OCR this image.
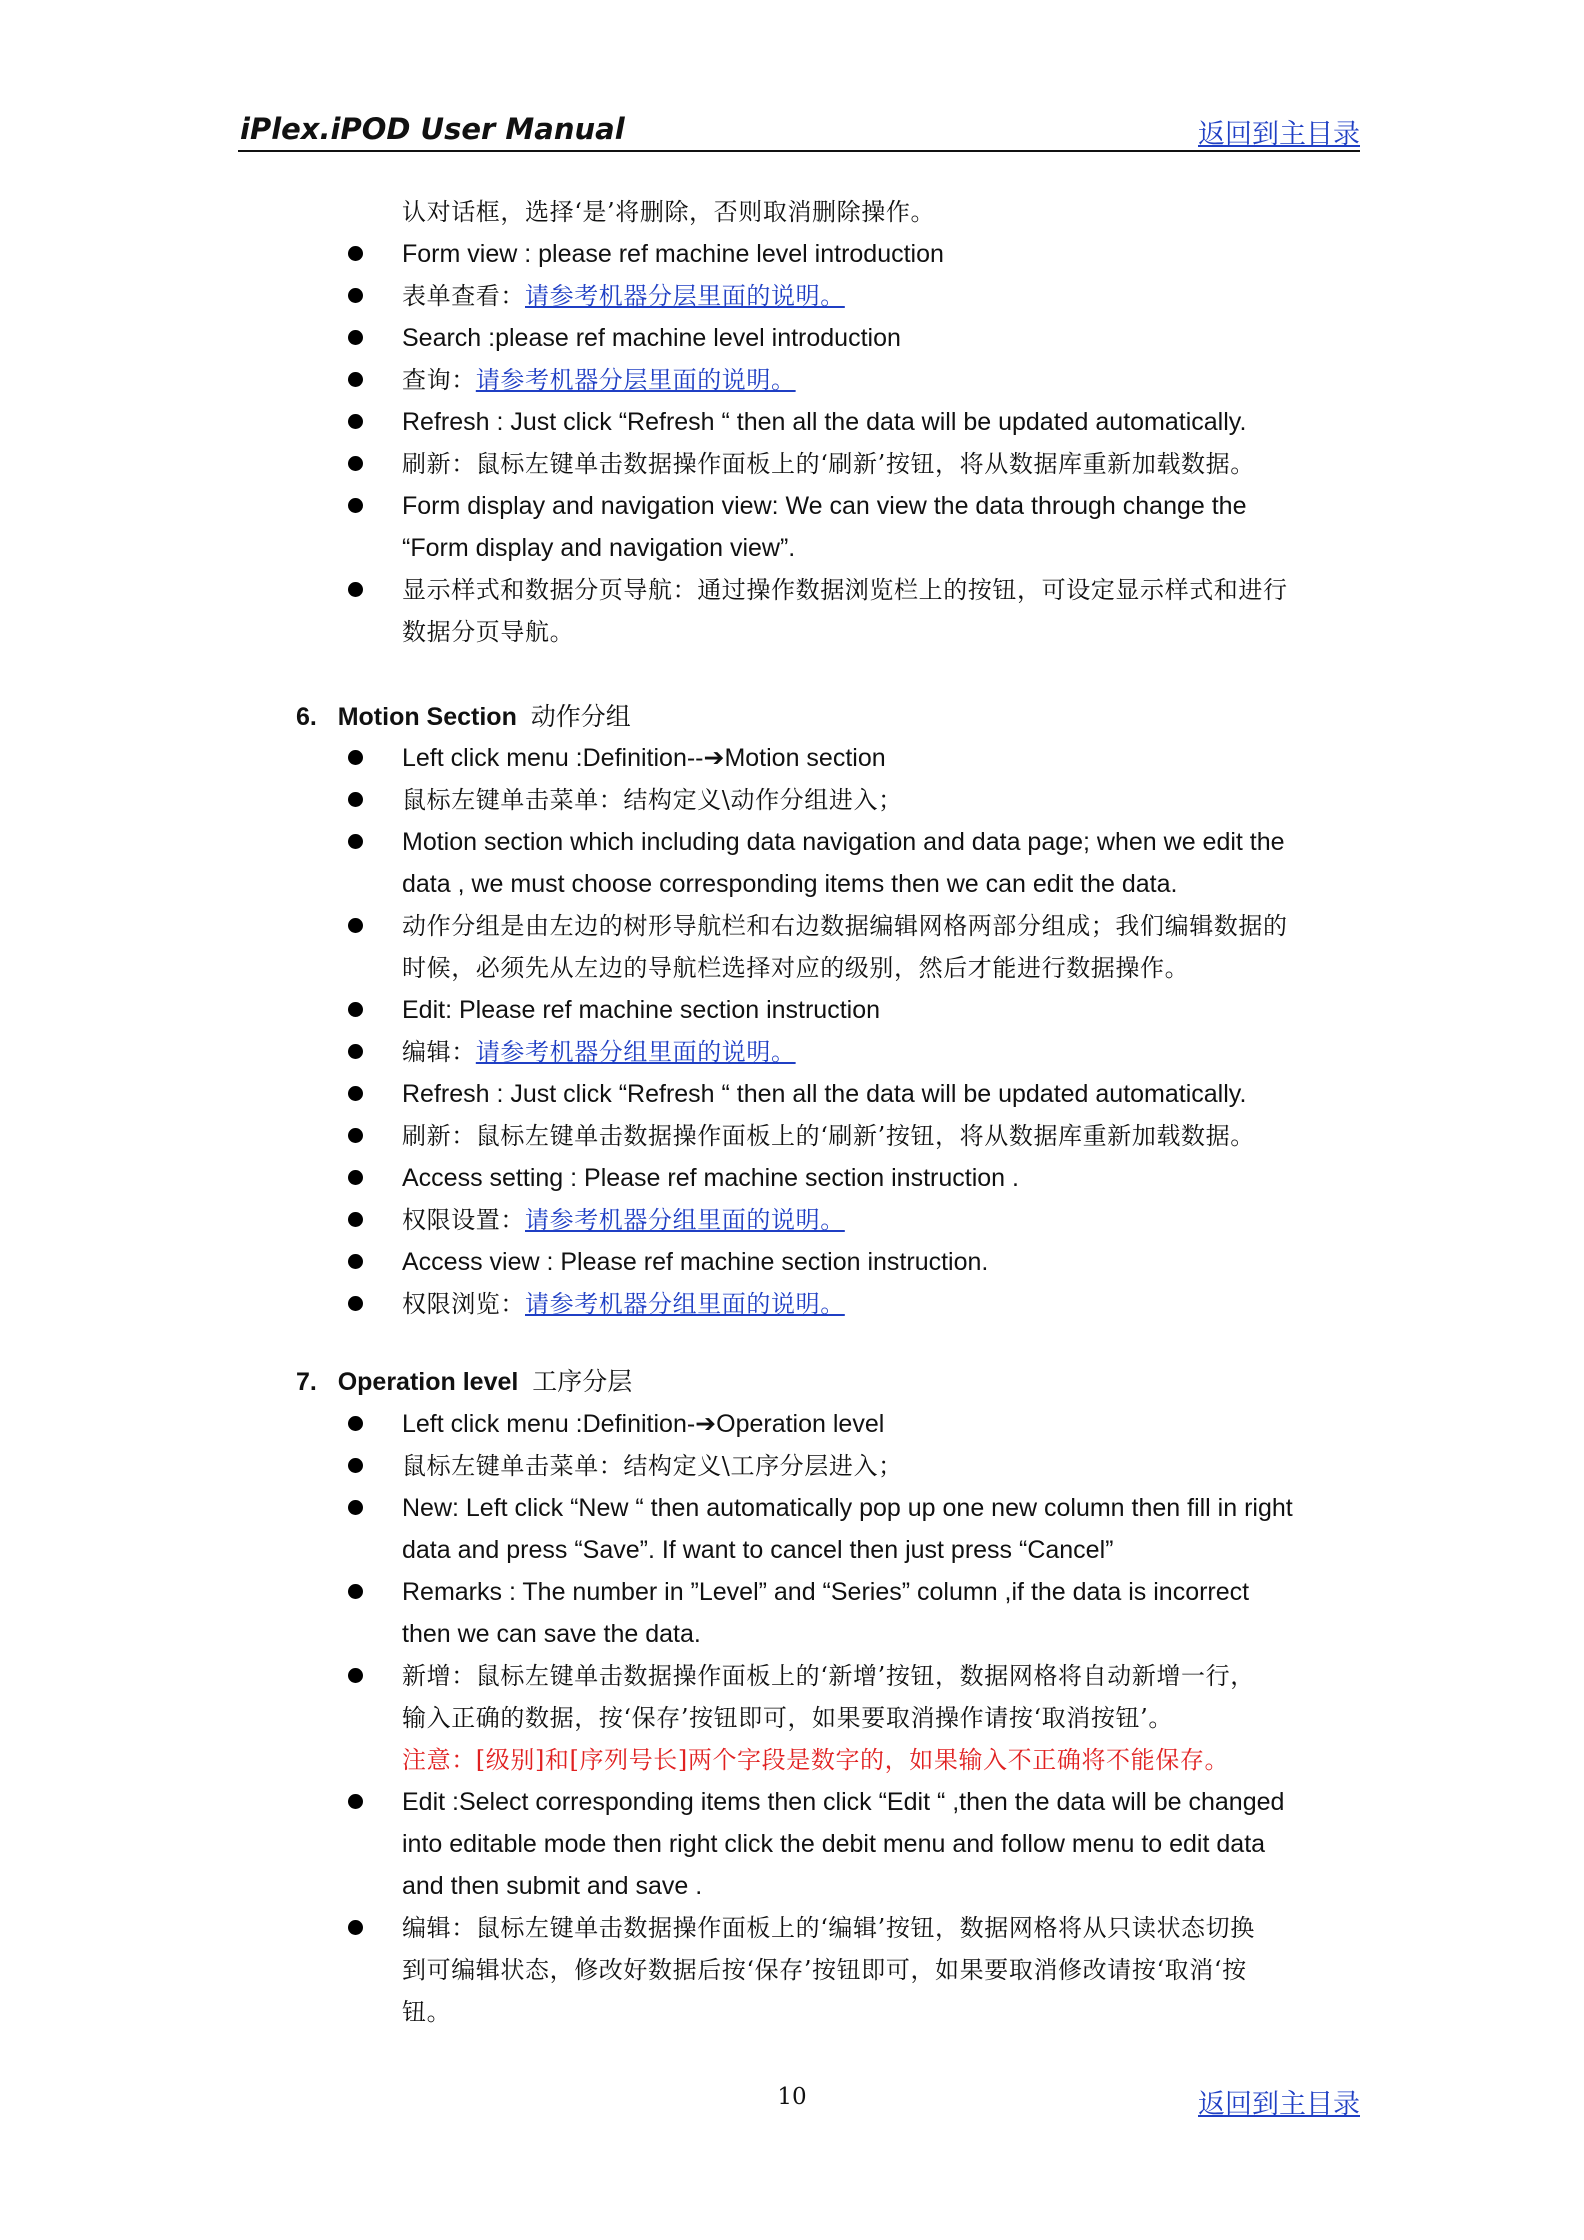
iPlex.iPOD User Manual	返回到主目录
认对话框，选择‘是’将删除，否则取消删除操作。
Form view : please ref machine level introduction
表单查看：请参考机器分层里面的说明。
Search :please ref machine level introduction
查询：请参考机器分层里面的说明。
Refresh : Just click “Refresh “ then all the data will be updated automatically.
刷新：鼠标左键单击数据操作面板上的‘刷新’按钮，将从数据库重新加载数据。
Form display and navigation view: We can view the data through change the
“Form display and navigation view”.
显示样式和数据分页导航：通过操作数据浏览栏上的按钮，可设定显示样式和进行
数据分页导航。
6. Motion Section 动作分组
Left click menu :Definition--➔Motion section
鼠标左键单击菜单：结构定义\动作分组进入；
Motion section which including data navigation and data page; when we edit the
data , we must choose corresponding items then we can edit the data.
动作分组是由左边的树形导航栏和右边数据编辑网格两部分组成；我们编辑数据的
时候，必须先从左边的导航栏选择对应的级别，然后才能进行数据操作。
Edit: Please ref machine section instruction
编辑：请参考机器分组里面的说明。
Refresh : Just click “Refresh “ then all the data will be updated automatically.
刷新：鼠标左键单击数据操作面板上的‘刷新’按钮，将从数据库重新加载数据。
Access setting : Please ref machine section instruction .
权限设置：请参考机器分组里面的说明。
Access view : Please ref machine section instruction.
权限浏览：请参考机器分组里面的说明。
7. Operation level 工序分层
Left click menu :Definition-➔Operation level
鼠标左键单击菜单：结构定义\工序分层进入；
New: Left click “New “ then automatically pop up one new column then fill in right
data and press “Save”. If want to cancel then just press “Cancel”
Remarks : The number in ”Level” and “Series” column ,if the data is incorrect
then we can save the data.
新增：鼠标左键单击数据操作面板上的‘新增’按钮，数据网格将自动新增一行，
输入正确的数据，按‘保存’按钮即可，如果要取消操作请按‘取消按钮’。
注意：[级别]和[序列号长]两个字段是数字的，如果输入不正确将不能保存。
Edit :Select corresponding items then click “Edit “ ,then the data will be changed
into editable mode then right click the debit menu and follow menu to edit data
and then submit and save .
编辑：鼠标左键单击数据操作面板上的‘编辑’按钮，数据网格将从只读状态切换
到可编辑状态，修改好数据后按‘保存’按钮即可，如果要取消修改请按‘取消‘按
钮。
10	返回到主目录
